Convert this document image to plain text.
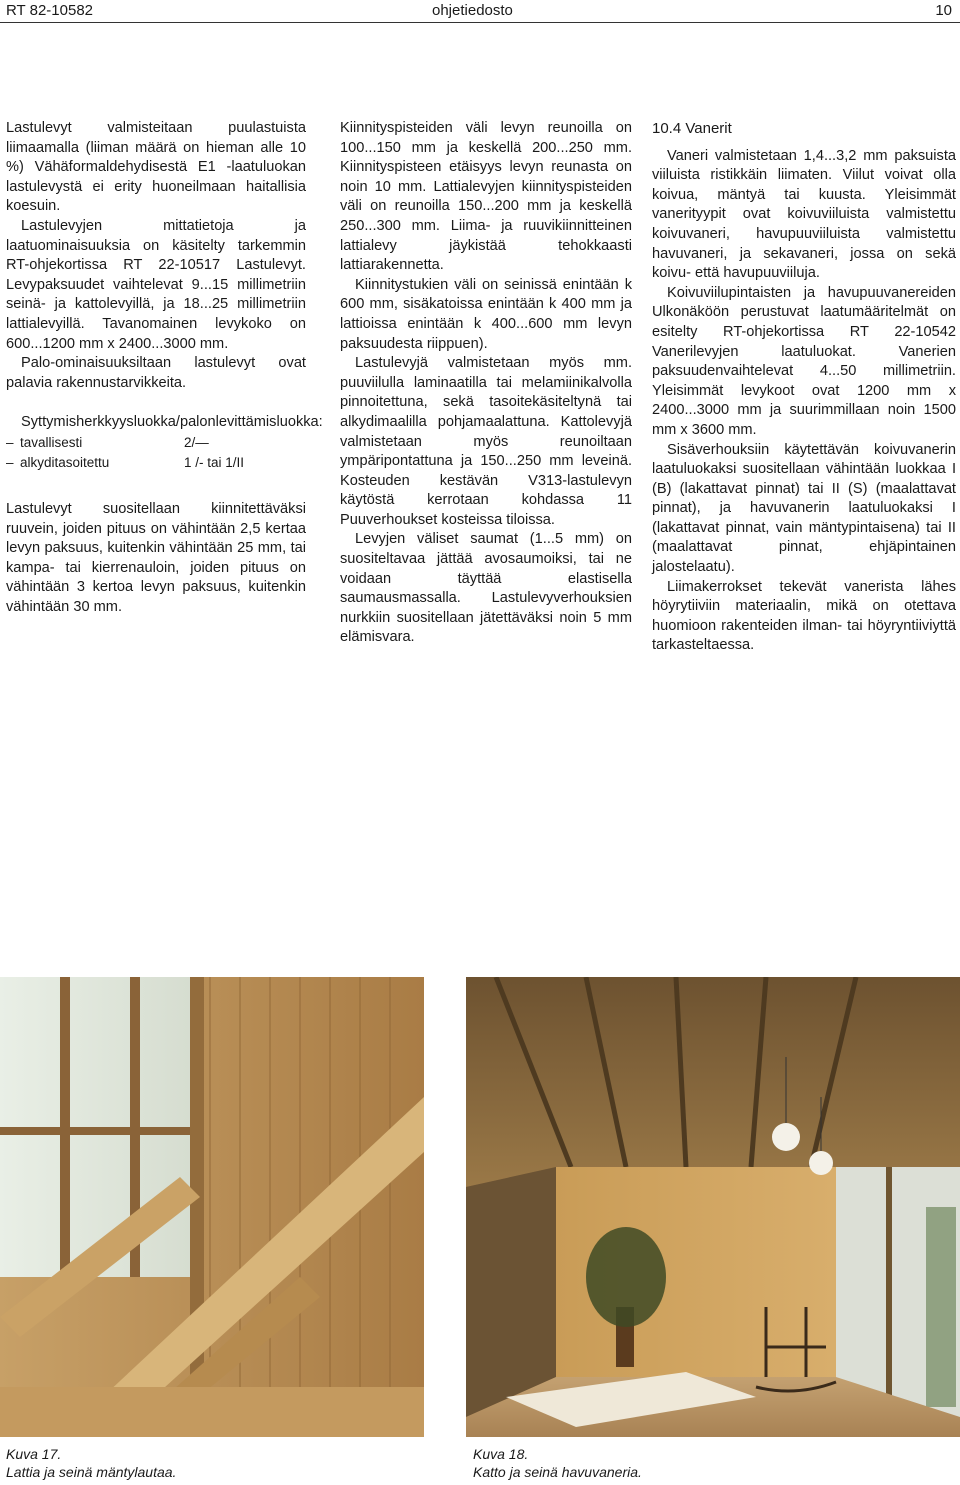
RT 82-10582	ohjetiedosto	10

Lastulevyt valmisteitaan puulastuista liimaamalla (liiman määrä on hieman alle 10 %) Vähäformaldehydisestä E1 -laatuluokan lastulevystä ei erity huoneilmaan haitallisia koesuin.

Lastulevyjen mittatietoja ja laatuominaisuuksia on käsitelty tarkemmin RT-ohjekortissa RT 22-10517 Lastulevyt. Levypaksuudet vaihtelevat 9...15 millimetriin seinä- ja kattolevyillä, ja 18...25 millimetriin lattialevyillä. Tavanomainen levykoko on 600...1200 mm x 2400...3000 mm.

Palo-ominaisuuksiltaan lastulevyt ovat palavia rakennustarvikkeita.

Syttymisherkkyysluokka/palonlevittämisluokka:

– tavallisesti	2/—
– alkyditasoitettu	1 /- tai 1/II

Lastulevyt suositellaan kiinnitettäväksi ruuvein, joiden pituus on vähintään 2,5 kertaa levyn paksuus, kuitenkin vähintään 25 mm, tai kampa- tai kierrenauloin, joiden pituus on vähintään 3 kertoa levyn paksuus, kuitenkin vähintään 30 mm.

Kiinnityspisteiden väli levyn reunoilla on 100...150 mm ja keskellä 200...250 mm. Kiinnityspisteen etäisyys levyn reunasta on noin 10 mm. Lattialevyjen kiinnityspisteiden väli on reunoilla 150...200 mm ja keskellä 250...300 mm. Liima- ja ruuvikiinnitteinen lattialevy jäykistää tehokkaasti lattiarakennetta.

Kiinnitystukien väli on seinissä enintään k 600 mm, sisäkatoissa enintään k 400 mm ja lattioissa enintään k 400...600 mm levyn paksuudesta riippuen).

Lastulevyjä valmistetaan myös mm. puuviilulla laminaatilla tai melamiinikalvolla pinnoitettuna, sekä tasoitekäsiteltynä tai alkydimaalilla pohjamaalattuna. Kattolevyjä valmistetaan myös reunoiltaan ympäripontattuna ja 150...250 mm leveinä. Kosteuden kestävän V313-lastulevyn käytöstä kerrotaan kohdassa 11 Puuverhoukset kosteissa tiloissa.

Levyjen väliset saumat (1...5 mm) on suositeltavaa jättää avosaumoiksi, tai ne voidaan täyttää elastisella saumausmassalla. Lastulevyverhouksien nurkkiin suositellaan jätettäväksi noin 5 mm elämisvara.

10.4 Vanerit

Vaneri valmistetaan 1,4...3,2 mm paksuista viiluista ristikkäin liimaten. Viilut voivat olla koivua, mäntyä tai kuusta. Yleisimmät vanerityypit ovat koivuviiluista valmistettu koivuvaneri, havupuuviiluista valmistettu havuvaneri, ja sekavaneri, jossa on sekä koivu- että havupuuviiluja.

Koivuviilupintaisten ja havupuuvanereiden Ulkonäköön perustuvat laatumääritelmät on esitelty RT-ohjekortissa RT 22-10542 Vanerilevyjen laatuluokat. Vanerien paksuudenvaihtelevat 4...50 millimetriin. Yleisimmät levykoot ovat 1200 mm x 2400...3000 mm ja suurimmillaan noin 1500 mm x 3600 mm.

Sisäverhouksiin käytettävän koivuvanerin laatuluokaksi suositellaan vähintään luokkaa I (B) (lakattavat pinnat) tai II (S) (maalattavat pinnat), ja havuvanerin laatuluokaksi I (lakattavat pinnat, vain mäntypintaisena) tai II (maalattavat pinnat, ehjäpintainen jalostelaatu).

Liimakerrokset tekevät vanerista lähes höyrytiiviin materiaalin, mikä on otettava huomioon rakenteiden ilman- tai höyryntiiviyttä tarkasteltaessa.

Kuva 17.
Lattia ja seinä mäntylautaa.
Kuva 18.
Katto ja seinä havuvaneria.
